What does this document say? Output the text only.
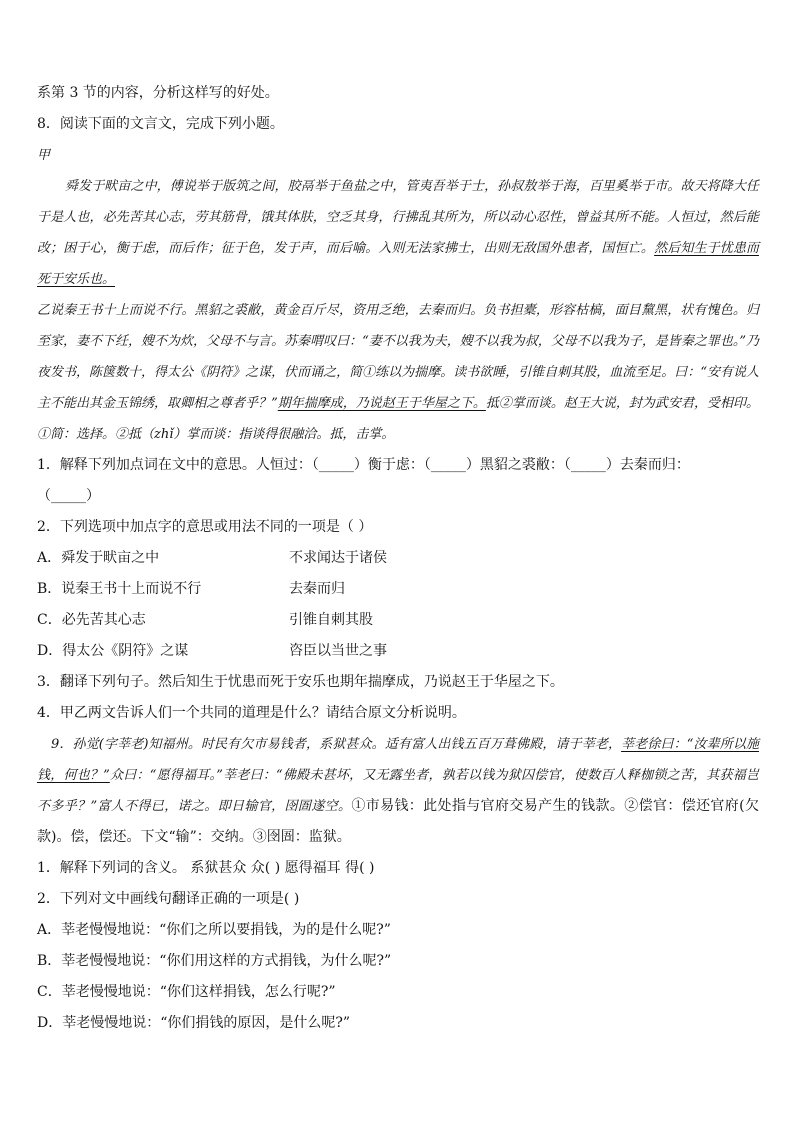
系第 3 节的内容，分析这样写的好处。
8．阅读下面的文言文，完成下列小题。
甲
舜发于畎亩之中，傅说举于版筑之间，胶鬲举于鱼盐之中，管夷吾举于士，孙叔敖举于海，百里奚举于市。故天将降大任于是人也，必先苦其心志，劳其筋骨，饿其体肤，空乏其身，行拂乱其所为，所以动心忍性，曾益其所不能。人恒过，然后能改；困于心，衡于虑，而后作；征于色，发于声，而后喻。入则无法家拂士，出则无敌国外患者，国恒亡。然后知生于忧患而死于安乐也。
乙说秦王书十上而说不行。黑貂之裘敝，黄金百斤尽，资用乏绝，去秦而归。负书担橐，形容枯槁，面目黧黑，状有愧色。归至家，妻不下纴，嫂不为炊，父母不与言。苏秦喟叹曰：“妻不以我为夫，嫂不以我为叔，父母不以我为子，是皆秦之罪也。”乃夜发书，陈箧数十，得太公《阴符》之谋，伏而诵之，简①练以为揣摩。读书欲睡，引锥自刺其股，血流至足。曰：“安有说人主不能出其金玉锦绣，取卿相之尊者乎？”期年揣摩成，乃说赵王于华屋之下。抵②掌而谈。赵王大说，封为武安君，受相印。①简：选择。②抵（zhǐ）掌而谈：指谈得很融洽。抵，击掌。
1．解释下列加点词在文中的意思。人恒过：（_____）衡于虑：（_____）黑貂之裘敝：（_____）去秦而归：
（_____）
2．下列选项中加点字的意思或用法不同的一项是（ ）
A．舜发于畎亩之中	不求闻达于诸侯
B．说秦王书十上而说不行	去秦而归
C．必先苦其心志	引锥自刺其股
D．得太公《阴符》之谋	咨臣以当世之事
3．翻译下列句子。然后知生于忧患而死于安乐也期年揣摩成，乃说赵王于华屋之下。
4．甲乙两文告诉人们一个共同的道理是什么？请结合原文分析说明。
9．孙觉(字莘老)知福州。时民有欠市易钱者，系狱甚众。适有富人出钱五百万葺佛殿，请于莘老，莘老徐曰：“汝辈所以施钱，何也？”众曰：“愿得福耳。”莘老曰：“佛殿未甚坏，又无露坐者，孰若以钱为狱囚偿官，使数百人释枷锁之苦，其获福岂不多乎？”富人不得已，诺之。即日输官，囹圄遂空。①市易钱：此处指与官府交易产生的钱款。②偿官：偿还官府(欠款)。偿，偿还。下文“输”：交纳。③囹圄：监狱。
1．解释下列词的含义。 系狱甚众 众( ) 愿得福耳 得( )
2．下列对文中画线句翻译正确的一项是( )
A．莘老慢慢地说：“你们之所以要捐钱，为的是什么呢?”
B．莘老慢慢地说：“你们用这样的方式捐钱，为什么呢?”
C．莘老慢慢地说：“你们这样捐钱，怎么行呢?”
D．莘老慢慢地说：“你们捐钱的原因，是什么呢?”
